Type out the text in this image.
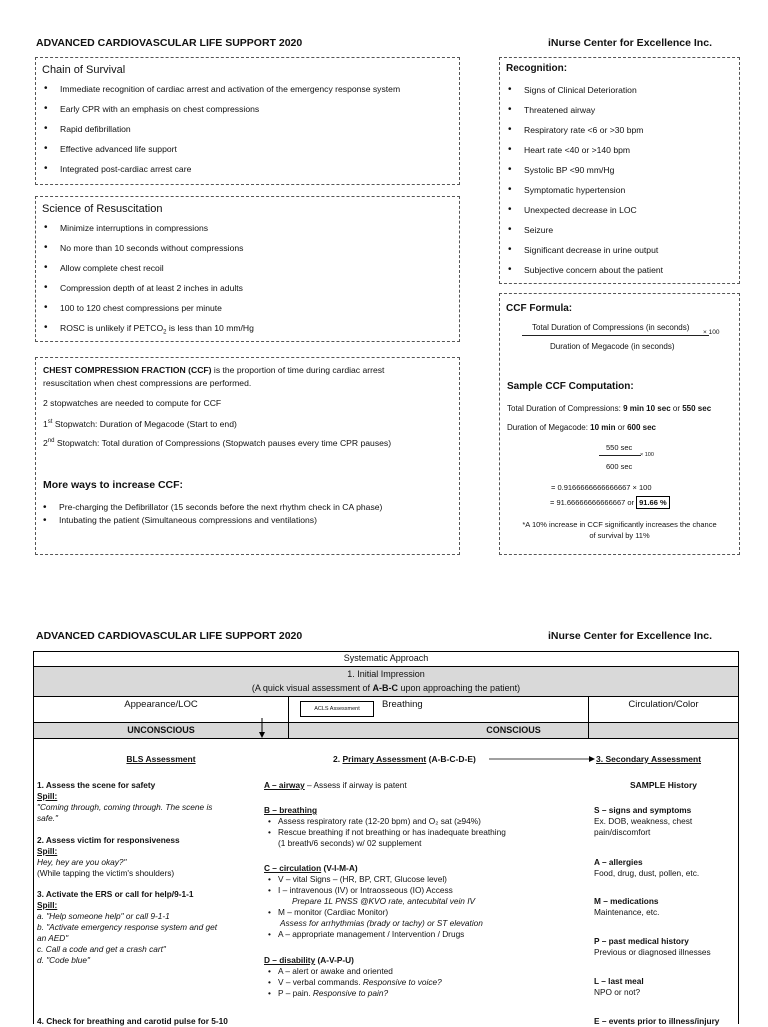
ADVANCED CARDIOVASCULAR LIFE SUPPORT 2020	iNurse Center for Excellence Inc.
Chain of Survival
• Immediate recognition of cardiac arrest and activation of the emergency response system
• Early CPR with an emphasis on chest compressions
• Rapid defibrillation
• Effective advanced life support
• Integrated post-cardiac arrest care
Science of Resuscitation
• Minimize interruptions in compressions
• No more than 10 seconds without compressions
• Allow complete chest recoil
• Compression depth of at least 2 inches in adults
• 100 to 120 chest compressions per minute
• ROSC is unlikely if $PETCO_2$ is less than 10 mm/Hg
CHEST COMPRESSION FRACTION (CCF) is the proportion of time during cardiac arrest
resuscitation when chest compressions are performed.
2 stopwatches are needed to compute for CCF
1st Stopwatch: Duration of Megacode (Start to end)
2nd Stopwatch: Total duration of Compressions (Stopwatch pauses every time CPR pauses)
More ways to increase CCF:
• Pre-charging the Defibrillator (15 seconds before the next rhythm check in CA phase)
• Intubating the patient (Simultaneous compressions and ventilations)
Recognition:
• Signs of Clinical Deterioration
• Threatened airway
• Respiratory rate <6 or >30 bpm
• Heart rate <40 or >140 bpm
• Systolic BP <90 mm/Hg
• Symptomatic hypertension
• Unexpected decrease in LOC
• Seizure
• Significant decrease in urine output
• Subjective concern about the patient
CCF Formula:
Total Duration of Compressions (in seconds)
× 100
Duration of Megacode (in seconds)
Sample CCF Computation:
Total Duration of Compressions: 9 min 10 sec or 550 sec
Duration of Megacode: 10 min or 600 sec
550 sec
× 100
600 sec
= 0.9166666666666667 × 100
= 91.66666666666667 or 91.66 %
*A 10% increase in CCF significantly increases the chance
of survival by 11%
ADVANCED CARDIOVASCULAR LIFE SUPPORT 2020	iNurse Center for Excellence Inc.
Systematic Approach
1. Initial Impression
(A quick visual assessment of A-B-C upon approaching the patient)
Appearance/LOC	Breathing	Circulation/Color
ACLS Assessment
UNCONSCIOUS	CONSCIOUS
BLS Assessment	2. Primary Assessment (A-B-C-D-E)	3. Secondary Assessment
SAMPLE History
1. Assess the scene for safety
Spill:
"Coming through, coming through. The scene is
safe."
2. Assess victim for responsiveness
Spill:
Hey, hey are you okay?"
(While tapping the victim's shoulders)
3. Activate the ERS or call for help/9-1-1
Spill:
a. "Help someone help" or call 9-1-1
b. "Activate emergency response system and get
an AED"
c. Call a code and get a crash cart"
d. "Code blue"
4. Check for breathing and carotid pulse for 5-10
A – airway – Assess if airway is patent
B – breathing
• Assess respiratory rate (12-20 bpm) and O₂ sat (≥94%)
• Rescue breathing if not breathing or has inadequate breathing
(1 breath/6 seconds) w/ 02 supplement
C – circulation (V-I-M-A)
• V – vital Signs – (HR, BP, CRT, Glucose level)
• I – intravenous (IV) or Intraosseous (IO) Access
Prepare 1L PNSS @KVO rate, antecubital vein IV
• M – monitor (Cardiac Monitor)
Assess for arrhythmias (brady or tachy) or ST elevation
• A – appropriate management / Intervention / Drugs
D – disability (A-V-P-U)
• A – alert or awake and oriented
• V – verbal commands. Responsive to voice?
• P – pain. Responsive to pain?
S – signs and symptoms
Ex. DOB, weakness, chest
pain/discomfort
A – allergies
Food, drug, dust, pollen, etc.
M – medications
Maintenance, etc.
P – past medical history
Previous or diagnosed illnesses
L – last meal
NPO or not?
E – events prior to illness/injury
